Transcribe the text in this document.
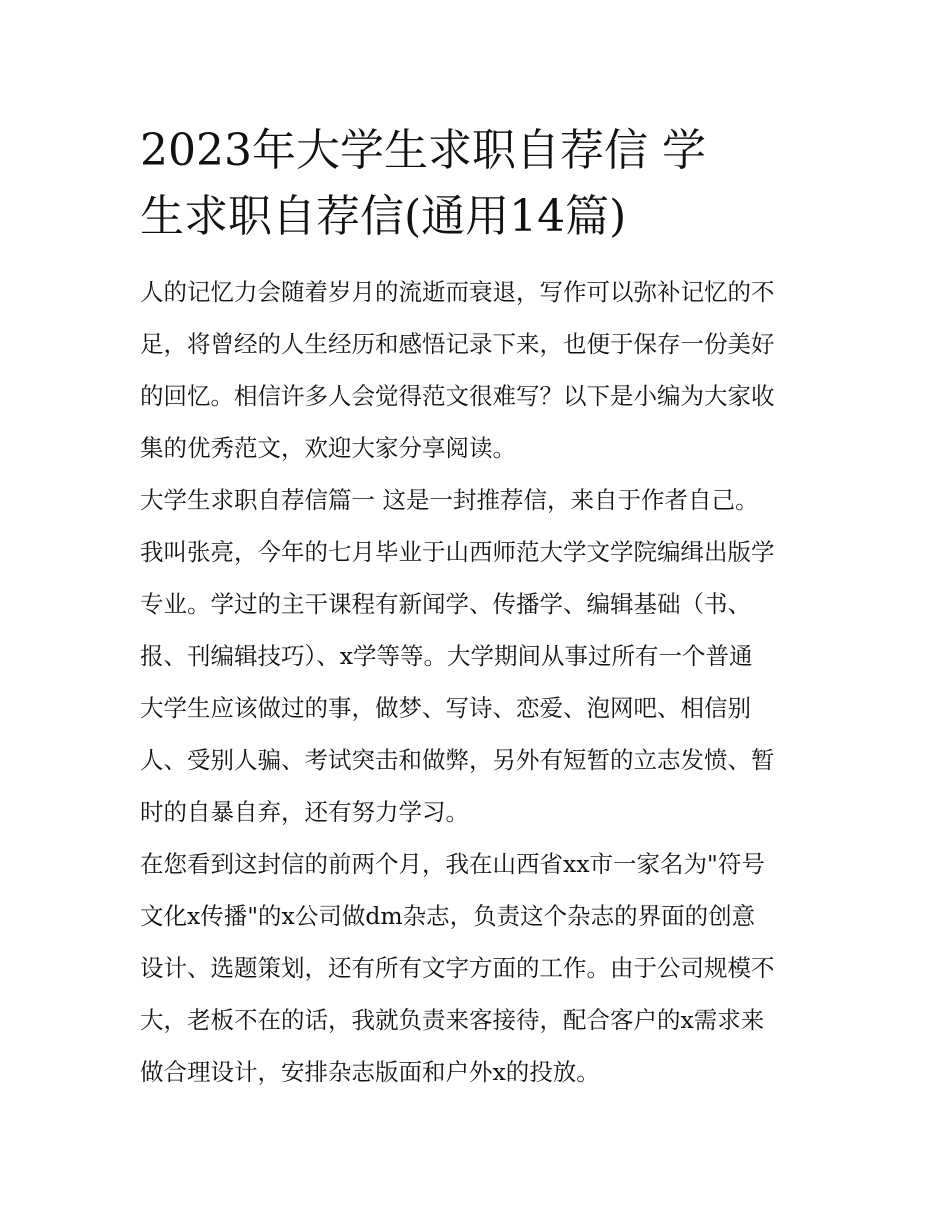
2023年大学生求职自荐信 学
生求职自荐信(通用14篇)

人的记忆力会随着岁月的流逝而衰退，写作可以弥补记忆的不
足，将曾经的人生经历和感悟记录下来，也便于保存一份美好
的回忆。相信许多人会觉得范文很难写？以下是小编为大家收
集的优秀范文，欢迎大家分享阅读。

大学生求职自荐信篇一 这是一封推荐信，来自于作者自己。

我叫张亮，今年的七月毕业于山西师范大学文学院编缉出版学
专业。学过的主干课程有新闻学、传播学、编辑基础（书、
报、刊编辑技巧）、x学等等。大学期间从事过所有一个普通
大学生应该做过的事，做梦、写诗、恋爱、泡网吧、相信别
人、受别人骗、考试突击和做弊，另外有短暂的立志发愤、暂
时的自暴自弃，还有努力学习。

在您看到这封信的前两个月，我在山西省xx市一家名为"符号
文化x传播"的x公司做dm杂志，负责这个杂志的界面的创意
设计、选题策划，还有所有文字方面的工作。由于公司规模不
大，老板不在的话，我就负责来客接待，配合客户的x需求来
做合理设计，安排杂志版面和户外x的投放。
